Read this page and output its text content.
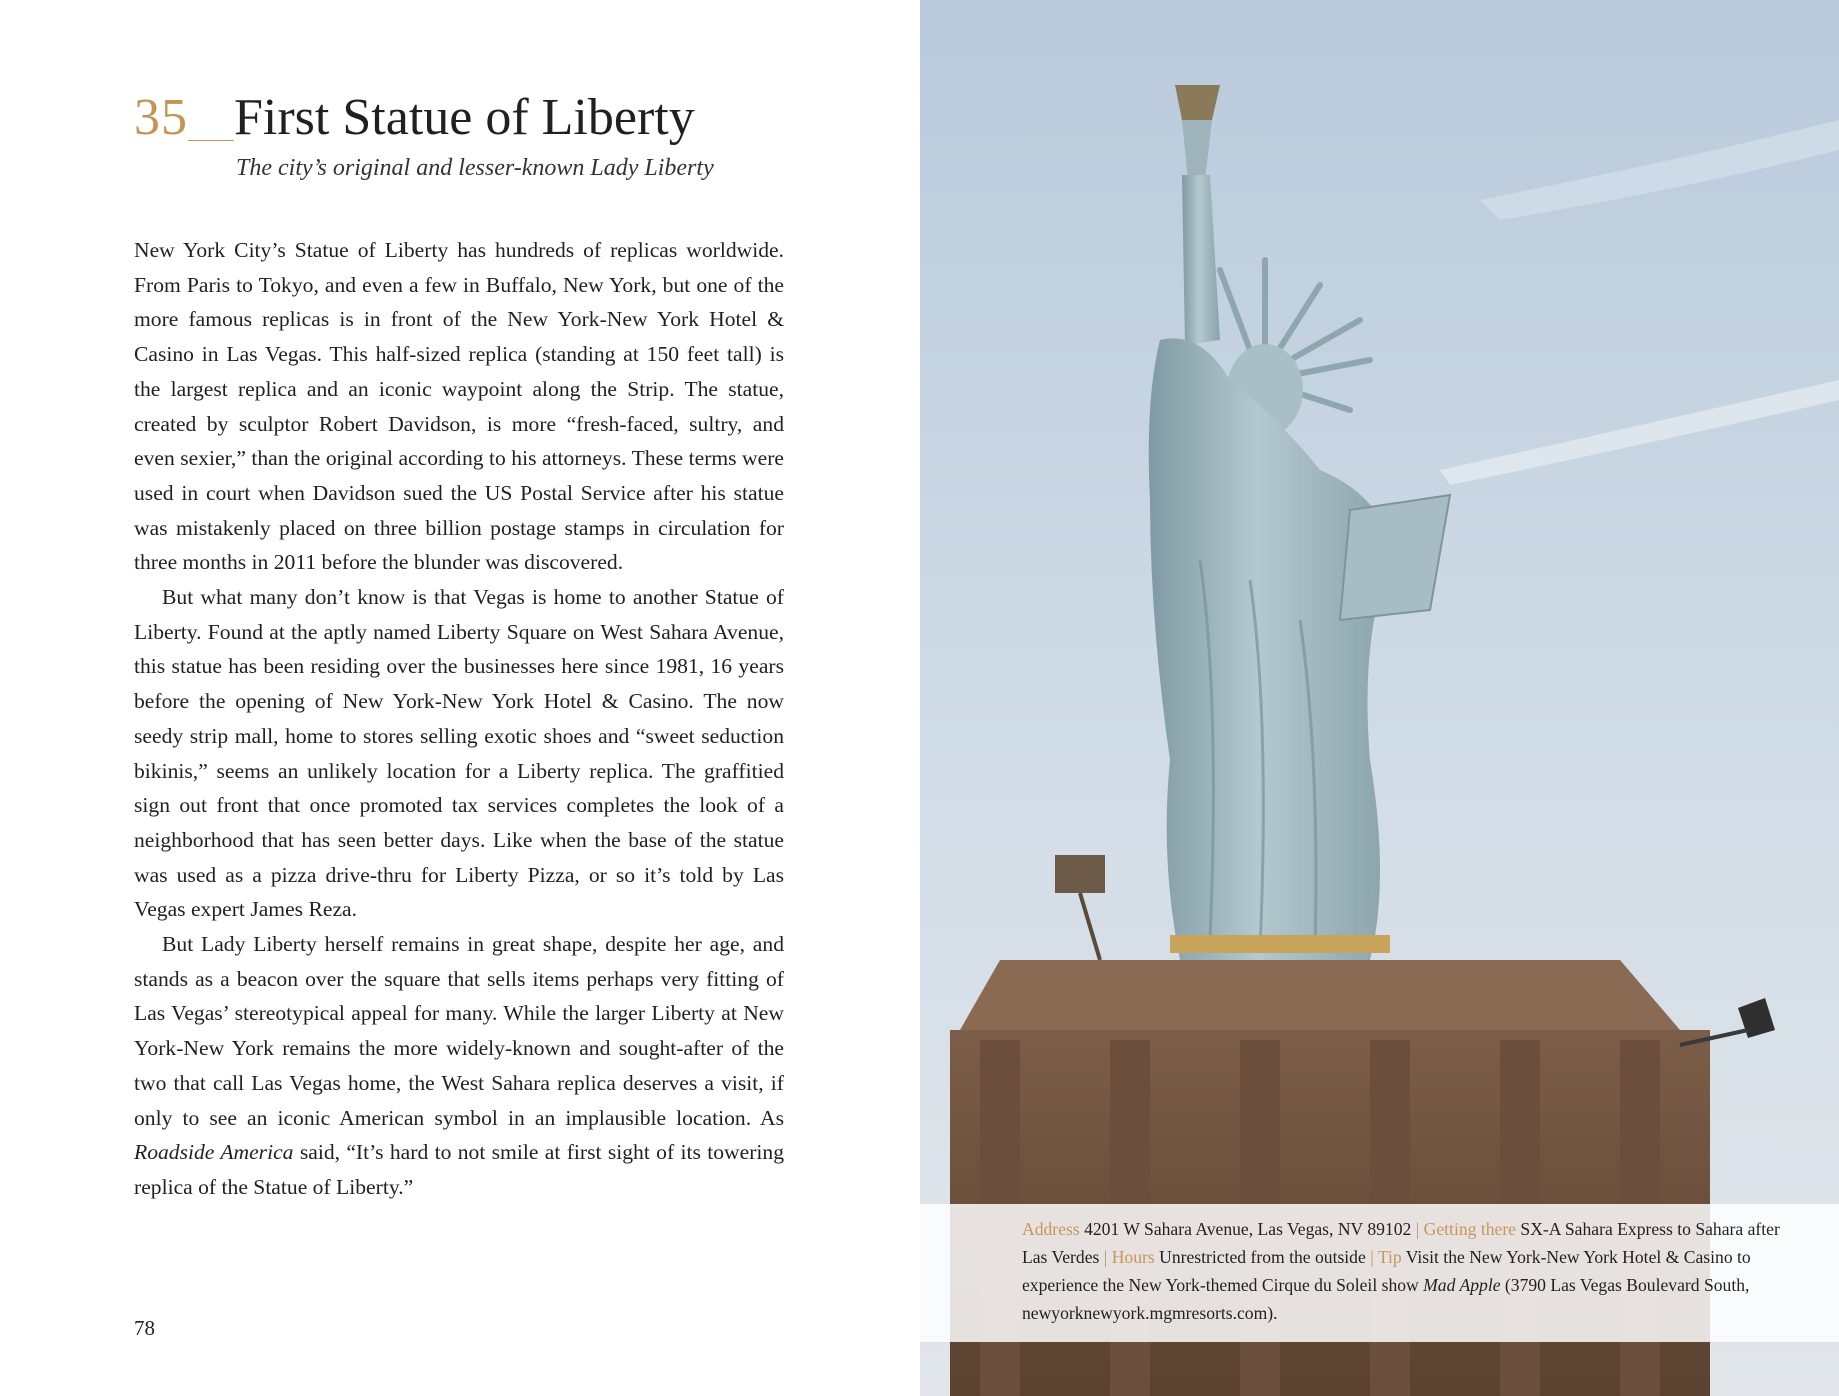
35 First Statue of Liberty
The city’s original and lesser-known Lady Liberty

New York City’s Statue of Liberty has hundreds of replicas worldwide. From Paris to Tokyo, and even a few in Buffalo, New York, but one of the more famous replicas is in front of the New York-New York Hotel & Casino in Las Vegas. This half-sized replica (standing at 150 feet tall) is the largest replica and an iconic waypoint along the Strip. The statue, created by sculptor Robert Davidson, is more “fresh-faced, sultry, and even sexier,” than the original according to his attorneys. These terms were used in court when Davidson sued the US Postal Service after his statue was mistakenly placed on three billion postage stamps in circulation for three months in 2011 before the blunder was discovered.

But what many don’t know is that Vegas is home to another Statue of Liberty. Found at the aptly named Liberty Square on West Sahara Avenue, this statue has been residing over the businesses here since 1981, 16 years before the opening of New York-New York Hotel & Casino. The now seedy strip mall, home to stores selling exotic shoes and “sweet seduction bikinis,” seems an unlikely location for a Liberty replica. The graffitied sign out front that once promoted tax services completes the look of a neighborhood that has seen better days. Like when the base of the statue was used as a pizza drive-thru for Liberty Pizza, or so it’s told by Las Vegas expert James Reza.

But Lady Liberty herself remains in great shape, despite her age, and stands as a beacon over the square that sells items perhaps very fitting of Las Vegas’ stereotypical appeal for many. While the larger Liberty at New York-New York remains the more widely-known and sought-after of the two that call Las Vegas home, the West Sahara replica deserves a visit, if only to see an iconic American symbol in an implausible location. As Roadside America said, “It’s hard to not smile at first sight of its towering replica of the Statue of Liberty.”

78
Address 4201 W Sahara Avenue, Las Vegas, NV 89102 | Getting there SX-A Sahara Express to Sahara after Las Verdes | Hours Unrestricted from the outside | Tip Visit the New York-New York Hotel & Casino to experience the New York-themed Cirque du Soleil show Mad Apple (3790 Las Vegas Boulevard South, newyorknewyork.mgmresorts.com).
